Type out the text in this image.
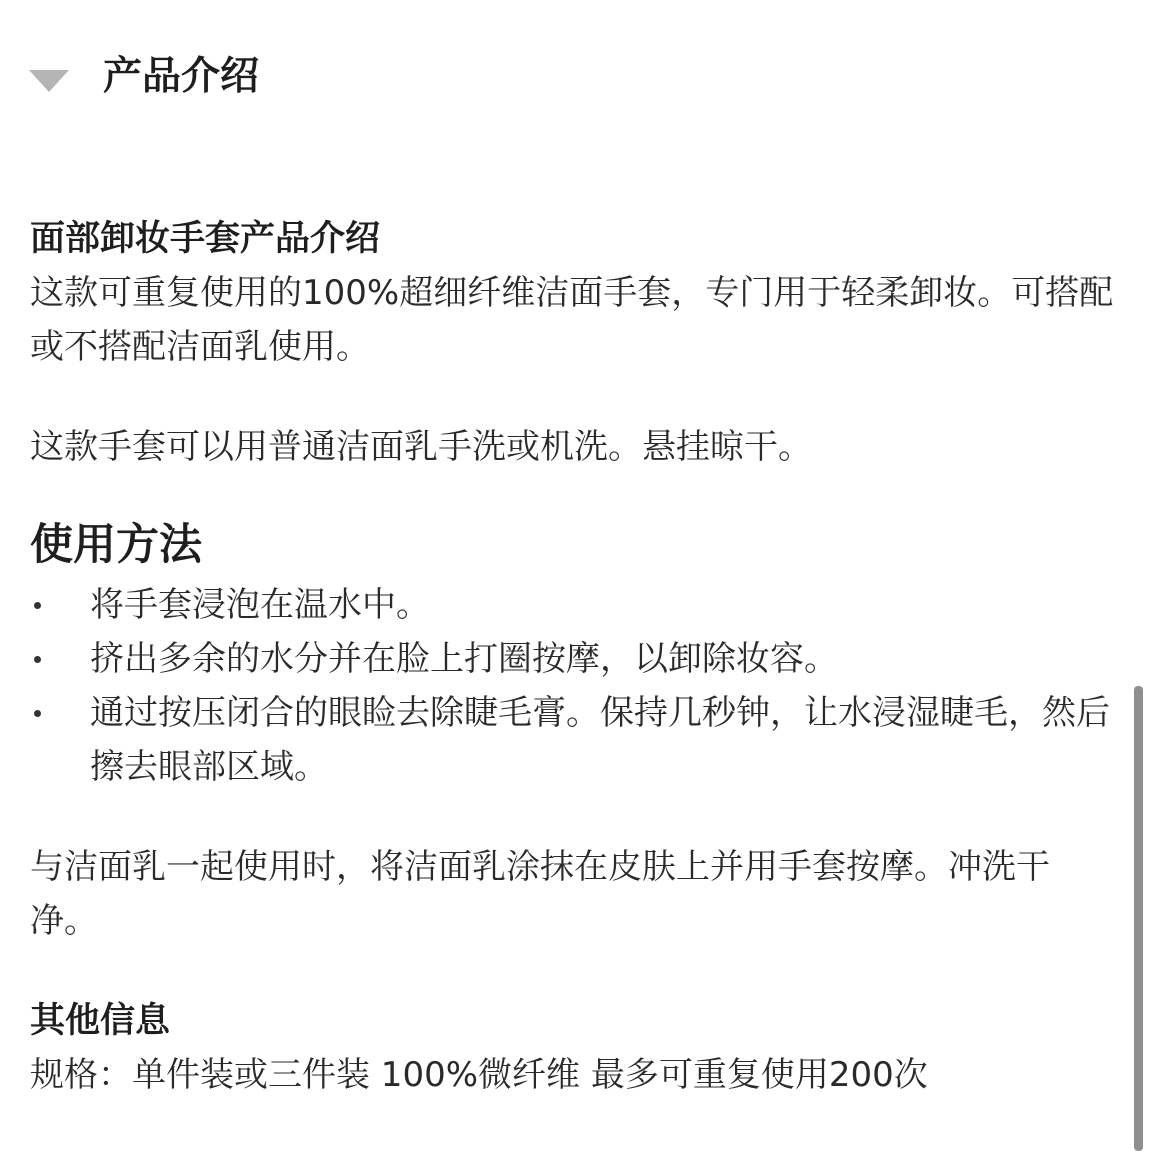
产品介绍
面部卸妆手套产品介绍

这款可重复使用的100%超细纤维洁面手套，专门用于轻柔卸妆。可搭配或不搭配洁面乳使用。

这款手套可以用普通洁面乳手洗或机洗。悬挂晾干。

使用方法
将手套浸泡在温水中。
挤出多余的水分并在脸上打圈按摩，以卸除妆容。
通过按压闭合的眼睑去除睫毛膏。保持几秒钟，让水浸湿睫毛，然后擦去眼部区域。

与洁面乳一起使用时，将洁面乳涂抹在皮肤上并用手套按摩。冲洗干净。

其他信息

规格：单件装或三件装 100%微纤维 最多可重复使用200次
